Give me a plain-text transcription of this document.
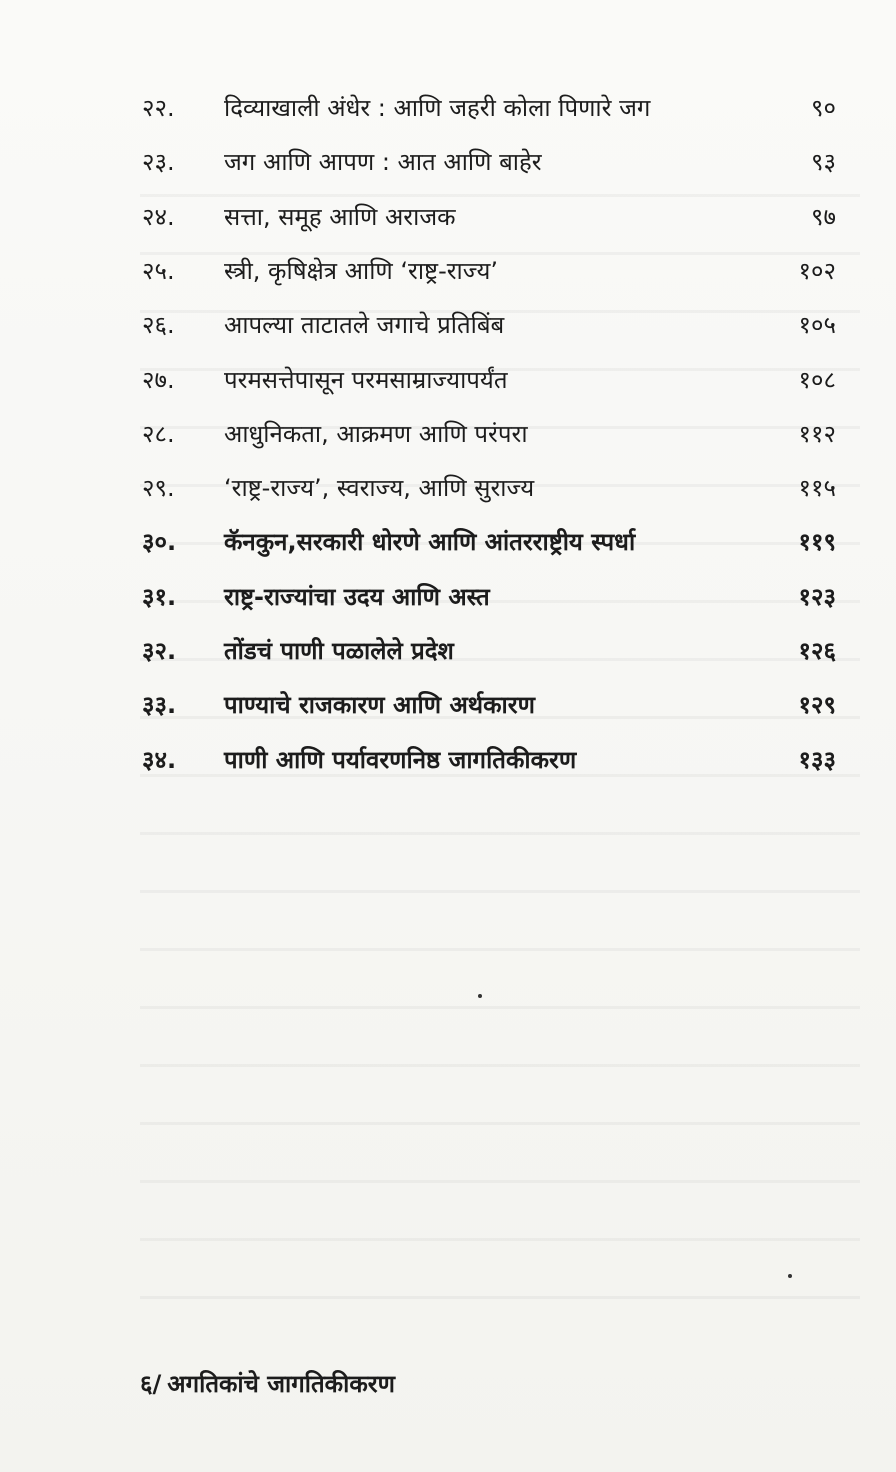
२२. दिव्याखाली अंधेर : आणि जहरी कोला पिणारे जग	९०
२३. जग आणि आपण : आत आणि बाहेर	९३
२४. सत्ता, समूह आणि अराजक	९७
२५. स्त्री, कृषिक्षेत्र आणि ‘राष्ट्र-राज्य’	१०२
२६. आपल्या ताटातले जगाचे प्रतिबिंब	१०५
२७. परमसत्तेपासून परमसाम्राज्यापर्यंत	१०८
२८. आधुनिकता, आक्रमण आणि परंपरा	११२
२९. ‘राष्ट्र-राज्य’, स्वराज्य, आणि सुराज्य	११५
३०. कॅनकुन,सरकारी धोरणे आणि आंतरराष्ट्रीय स्पर्धा	११९
३१. राष्ट्र-राज्यांचा उदय आणि अस्त	१२३
३२. तोंडचं पाणी पळालेले प्रदेश	१२६
३३. पाण्याचे राजकारण आणि अर्थकारण	१२९
३४. पाणी आणि पर्यावरणनिष्ठ जागतिकीकरण	१३३
६/ अगतिकांचे जागतिकीकरण
